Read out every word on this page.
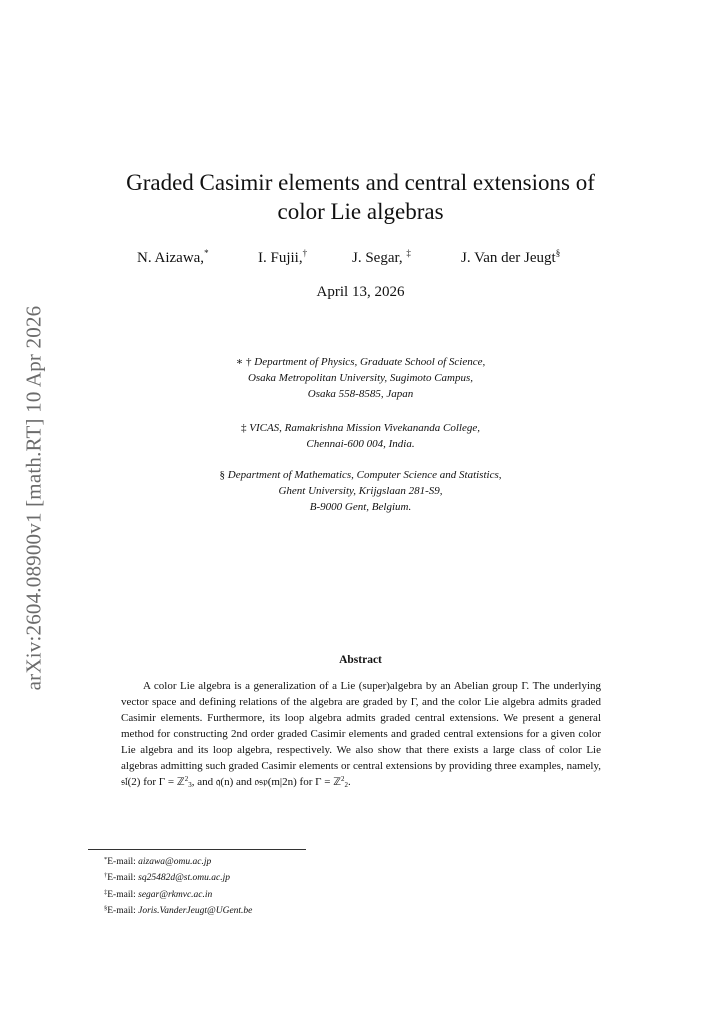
arXiv:2604.08900v1 [math.RT] 10 Apr 2026
Graded Casimir elements and central extensions of
color Lie algebras
N. Aizawa,*	I. Fujii,†	J. Segar, ‡	J. Van der Jeugt§
April 13, 2026
∗ † Department of Physics, Graduate School of Science,
Osaka Metropolitan University, Sugimoto Campus,
Osaka 558-8585, Japan
‡ VICAS, Ramakrishna Mission Vivekananda College,
Chennai-600 004, India.
§ Department of Mathematics, Computer Science and Statistics,
Ghent University, Krijgslaan 281-S9,
B-9000 Gent, Belgium.
Abstract
A color Lie algebra is a generalization of a Lie (super)algebra by an Abelian group Γ. The underlying vector space and defining relations of the algebra are graded by Γ, and the color Lie algebra admits graded Casimir elements. Furthermore, its loop algebra admits graded central extensions. We present a general method for constructing 2nd order graded Casimir elements and graded central extensions for a given color Lie algebra and its loop algebra, respectively. We also show that there exists a large class of color Lie algebras admitting such graded Casimir elements or central extensions by providing three examples, namely, 𝔰𝔩(2) for Γ = ℤ$^2_3$, and 𝔮(n) and 𝔬𝔰𝔭(m|2n) for Γ = ℤ$^2_2$.
*E-mail: aizawa@omu.ac.jp
†E-mail: sq25482d@st.omu.ac.jp
‡E-mail: segar@rkmvc.ac.in
§E-mail: Joris.VanderJeugt@UGent.be
